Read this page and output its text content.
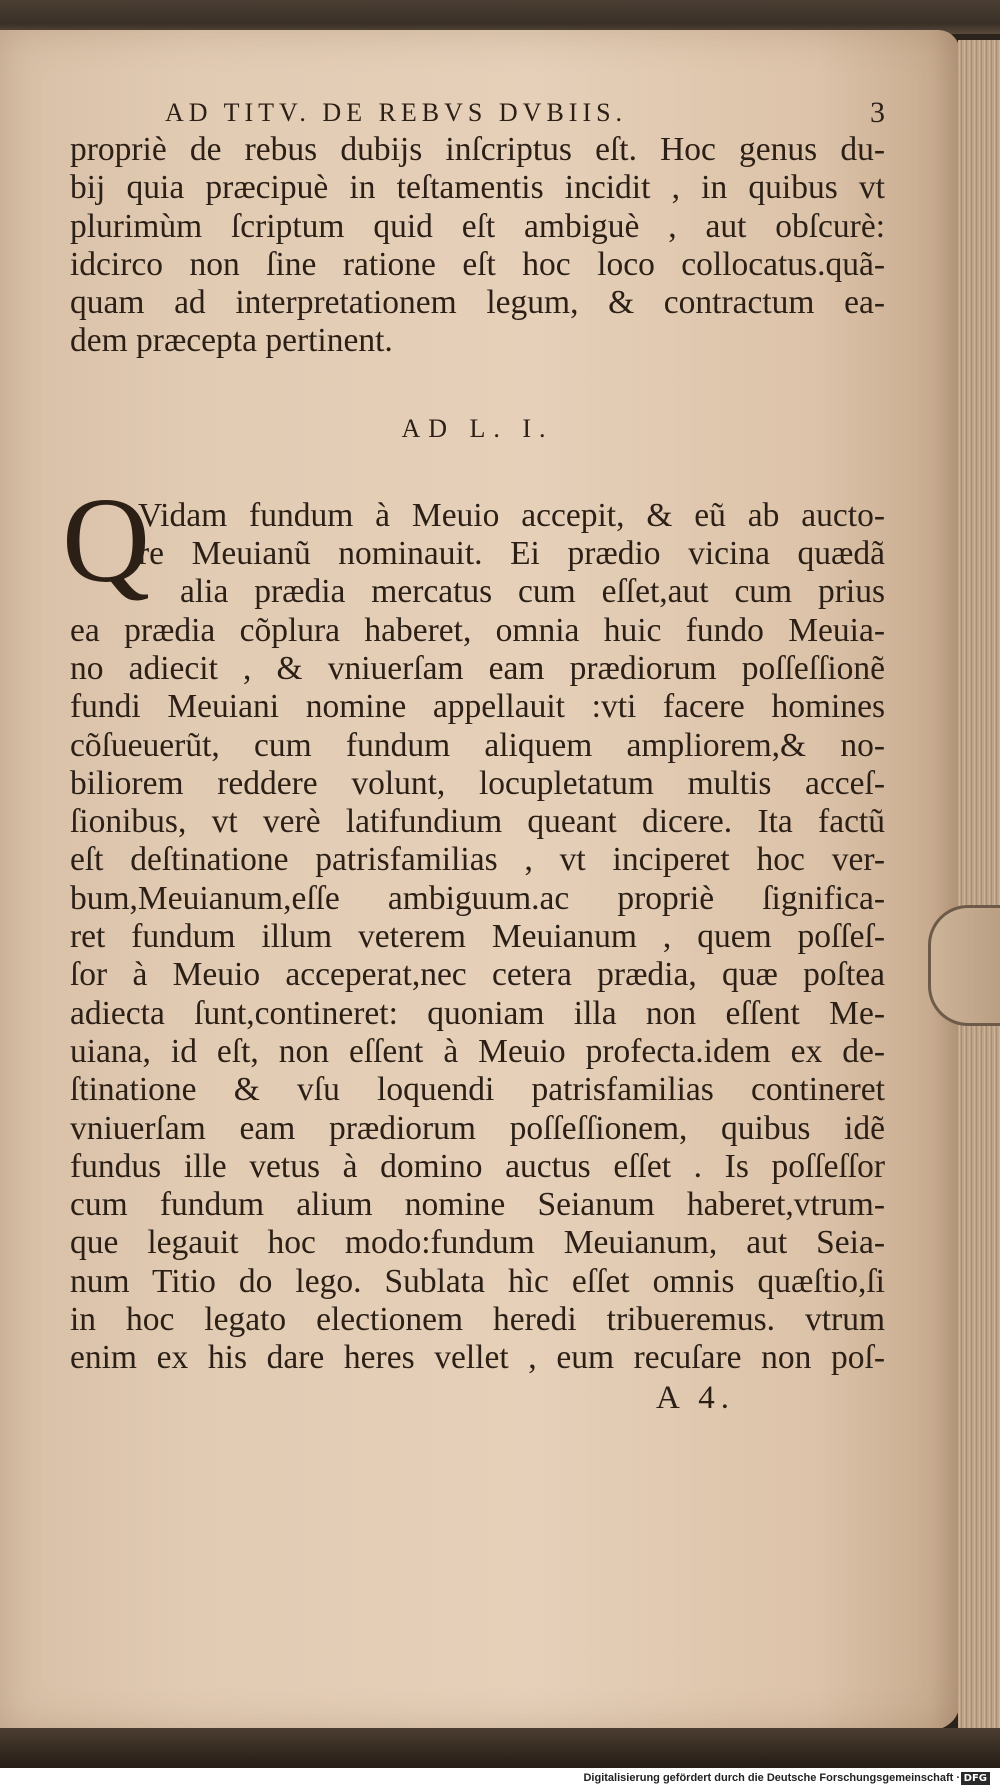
AD TITV. DE REBVS DVBIIS.	3
propriè de rebus dubijs inſcriptus eſt. Hoc genus du-
bij quia præcipuè in teſtamentis incidit , in quibus vt
plurimùm ſcriptum quid eſt ambiguè , aut obſcurè:
idcirco non ſine ratione eſt hoc loco collocatus.quã-
quam ad interpretationem legum, & contractum ea-
dem præcepta pertinent.
AD L. I.
Q
Vidam fundum à Meuio accepit, & eũ ab aucto-
re Meuianũ nominauit. Ei prædio vicina quædã
alia prædia mercatus cum eſſet,aut cum prius
ea prædia cõplura haberet, omnia huic fundo Meuia-
no adiecit , & vniuerſam eam prædiorum poſſeſſionẽ
fundi Meuiani nomine appellauit :vti facere homines
cõſueuerũt, cum fundum aliquem ampliorem,& no-
biliorem reddere volunt, locupletatum multis acceſ-
ſionibus, vt verè latifundium queant dicere. Ita factũ
eſt deſtinatione patrisfamilias , vt inciperet hoc ver-
bum,Meuianum,eſſe ambiguum.ac propriè ſignifica-
ret fundum illum veterem Meuianum , quem poſſeſ-
ſor à Meuio acceperat,nec cetera prædia, quæ poſtea
adiecta ſunt,contineret: quoniam illa non eſſent Me-
uiana, id eſt, non eſſent à Meuio profecta.idem ex de-
ſtinatione & vſu loquendi patrisfamilias contineret
vniuerſam eam prædiorum poſſeſſionem, quibus idẽ
fundus ille vetus à domino auctus eſſet . Is poſſeſſor
cum fundum alium nomine Seianum haberet,vtrum-
que legauit hoc modo:fundum Meuianum, aut Seia-
num Titio do lego. Sublata hìc eſſet omnis quæſtio,ſi
in hoc legato electionem heredi tribueremus. vtrum
enim ex his dare heres vellet , eum recuſare non poſ-
A 4.
Digitalisierung gefördert durch die Deutsche Forschungsgemeinschaft · DFG
